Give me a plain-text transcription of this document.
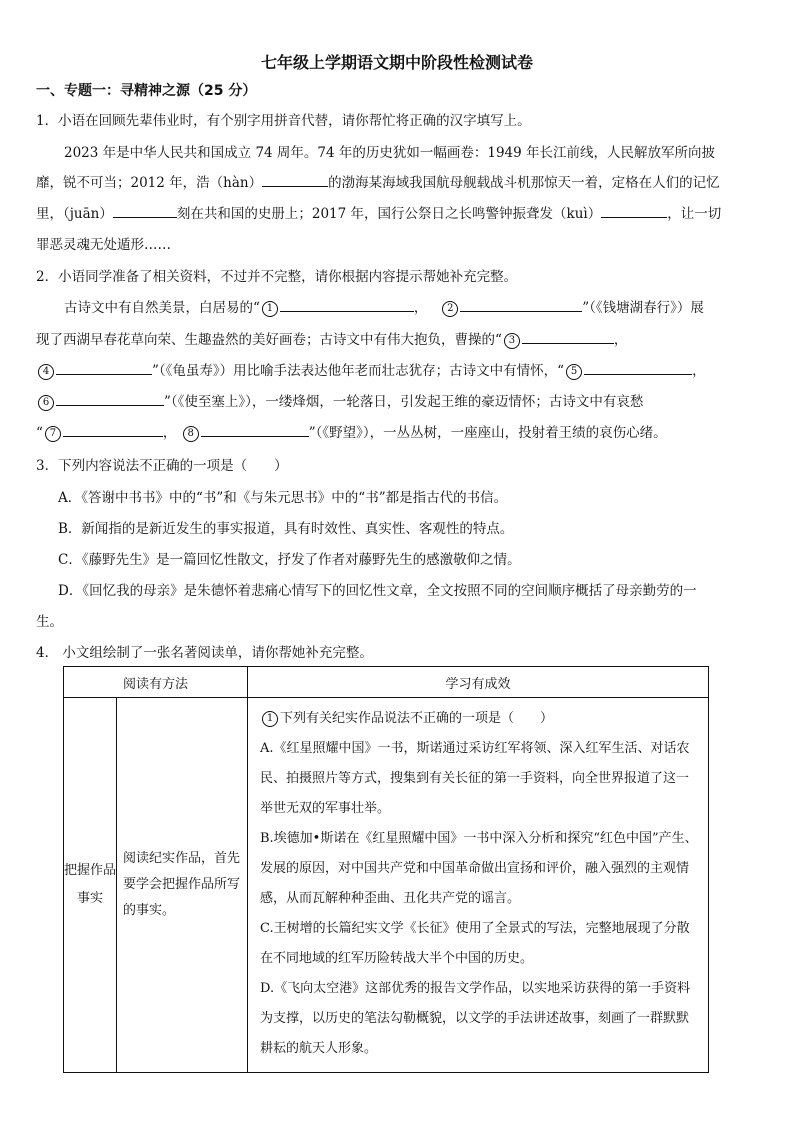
七年级上学期语文期中阶段性检测试卷
一、专题一：寻精神之源（25 分）
1．小语在回顾先辈伟业时，有个别字用拼音代替，请你帮忙将正确的汉字填写上。
2023 年是中华人民共和国成立 74 周年。74 年的历史犹如一幅画卷：1949 年长江前线，人民解放军所向披
靡，锐不可当；2012 年，浩（hàn）	的渤海某海域我国航母舰载战斗机那惊天一着，定格在人们的记忆
里，（juān）	刻在共和国的史册上；2017 年，国行公祭日之长鸣警钟振聋发（kuì）	，让一切
罪恶灵魂无处遁形……
2．小语同学准备了相关资料，不过并不完整，请你根据内容提示帮她补充完整。
古诗文中有自然美景，白居易的“ 1	， 2	”（《钱塘湖春行》）展
现了西湖早春花草向荣、生趣盎然的美好画卷；古诗文中有伟大抱负，曹操的“ 3	，
4	”（《龟虽寿》）用比喻手法表达他年老而壮志犹存；古诗文中有情怀，“ 5	，
6	”（《使至塞上》），一缕烽烟，一轮落日，引发起王维的豪迈情怀；古诗文中有哀愁
“ 7	， 8	”（《野望》），一丛丛树，一座座山，投射着王绩的哀伤心绪。
3．下列内容说法不正确的一项是（　　）
A．《答谢中书书》中的“书”和《与朱元思书》中的“书”都是指古代的书信。
B．新闻指的是新近发生的事实报道，具有时效性、真实性、客观性的特点。
C．《藤野先生》是一篇回忆性散文，抒发了作者对藤野先生的感激敬仰之情。
D．《回忆我的母亲》是朱德怀着悲痛心情写下的回忆性文章，全文按照不同的空间顺序概括了母亲勤劳的一
生。
4． 小文组绘制了一张名著阅读单，请你帮她补充完整。
阅读有方法		学习有成效
把握作品事实	阅读纪实作品，首先要学会把握作品所写的事实。	1 下列有关纪实作品说法不正确的一项是（　　）

A.《红星照耀中国》一书，斯诺通过采访红军将领、深入红军生活、对话农民、拍摄照片等方式，搜集到有关长征的第一手资料，向全世界报道了这一举世无双的军事壮举。

B.埃德加•斯诺在《红星照耀中国》一书中深入分析和探究“红色中国”产生、发展的原因，对中国共产党和中国革命做出宣扬和评价，融入强烈的主观情感，从而瓦解种种歪曲、丑化共产党的谣言。

C.王树增的长篇纪实文学《长征》使用了全景式的写法，完整地展现了分散在不同地域的红军历险转战大半个中国的历史。

D.《飞向太空港》这部优秀的报告文学作品，以实地采访获得的第一手资料为支撑，以历史的笔法勾勒概貌，以文学的手法讲述故事，刻画了一群默默耕耘的航天人形象。
